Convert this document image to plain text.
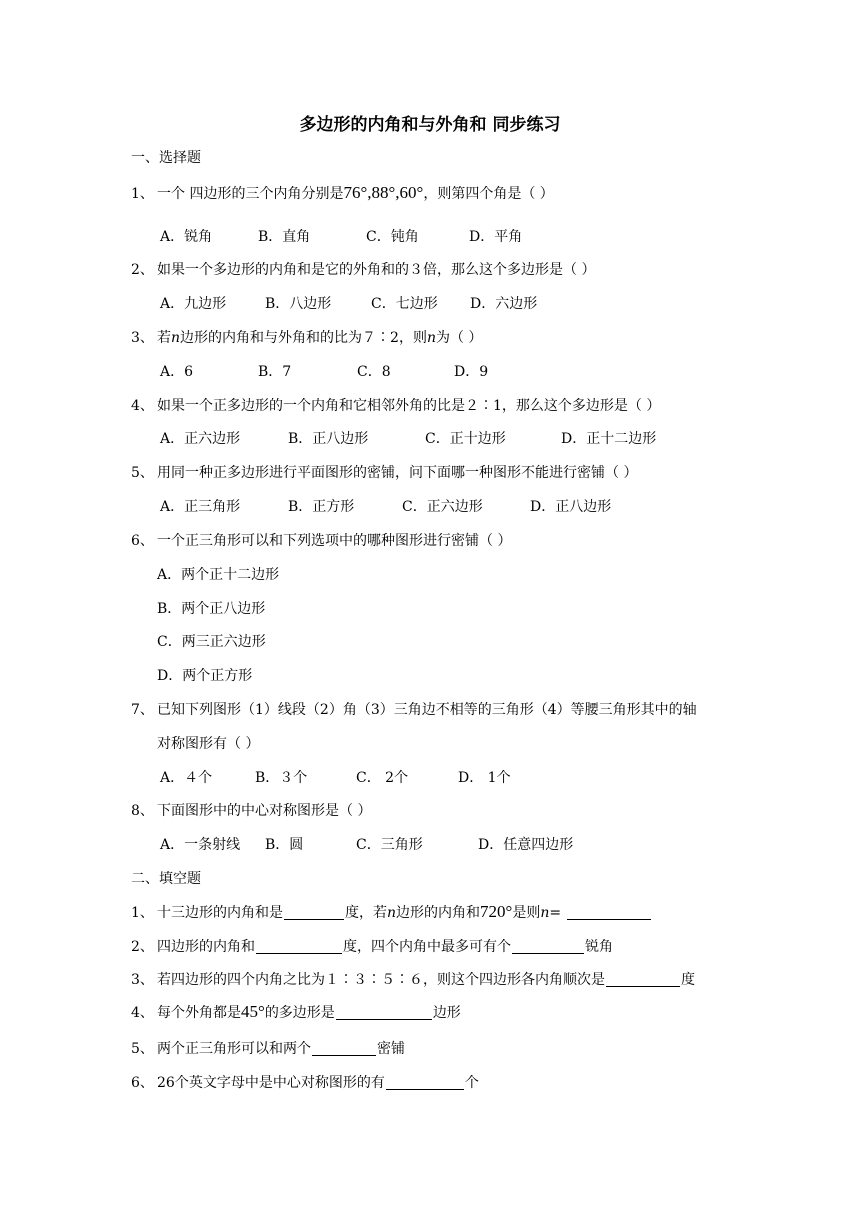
多边形的内角和与外角和 同步练习
一、选择题
1、 一个 四边形的三个内角分别是76°,88°,60°，则第四个角是（ ）
A．锐角	B．直角	C．钝角	D．平角
2、 如果一个多边形的内角和是它的外角和的３倍，那么这个多边形是（ ）
A．九边形	B．八边形	C．七边形 D．六边形
3、 若n边形的内角和与外角和的比为７∶2，则n为（ ）
A．6	B．7	C．8	D．9
4、 如果一个正多边形的一个内角和它相邻外角的比是２∶1，那么这个多边形是（ ）
A．正六边形	B．正八边形	C．正十边形	D．正十二边形
5、 用同一种正多边形进行平面图形的密铺，问下面哪一种图形不能进行密铺（ ）
A．正三角形	B．正方形	C．正六边形	D．正八边形
6、 一个正三角形可以和下列选项中的哪种图形进行密铺（ ）
A．两个正十二边形
B．两个正八边形
C．两三正六边形
D．两个正方形
7、 已知下列图形（1）线段（2）角（3）三角边不相等的三角形（4）等腰三角形其中的轴
对称图形有（ ）
A．４个	B．３个	C． 2个	D． 1个
8、 下面图形中的中心对称图形是（ ）
A．一条射线 B．圆	C．三角形	D．任意四边形
二、填空题
1、 十三边形的内角和是	度，若n边形的内角和720°是则n=
2、 四边形的内角和	度，四个内角中最多可有个	锐角
3、 若四边形的四个内角之比为１∶３∶５∶６，则这个四边形各内角顺次是	度
4、 每个外角都是45°的多边形是	边形
5、 两个正三角形可以和两个	密铺
6、 26个英文字母中是中心对称图形的有	个
